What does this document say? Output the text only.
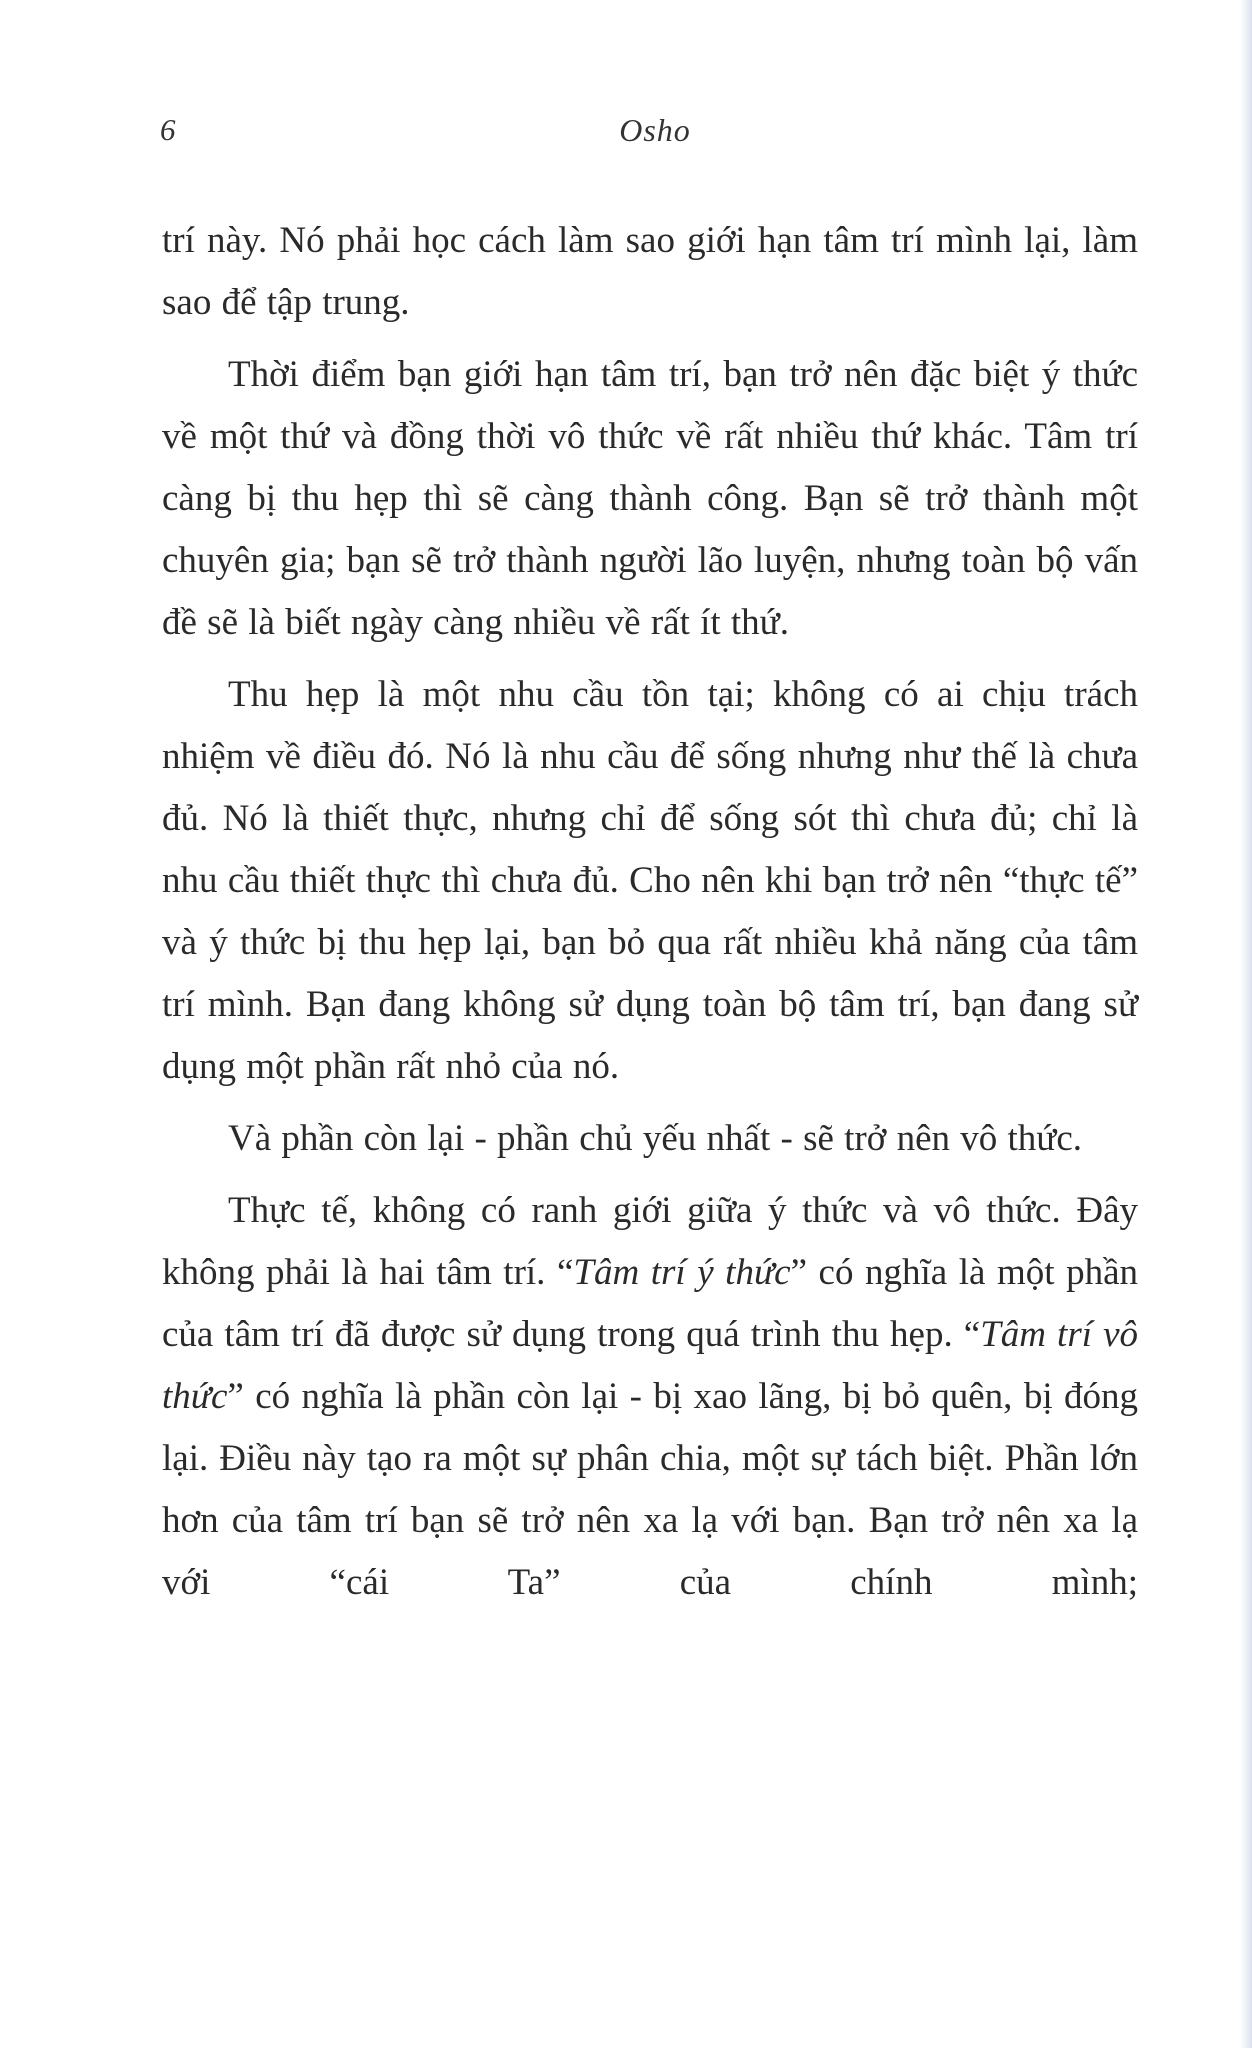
6	Osho

trí này. Nó phải học cách làm sao giới hạn tâm trí mình lại, làm sao để tập trung.

Thời điểm bạn giới hạn tâm trí, bạn trở nên đặc biệt ý thức về một thứ và đồng thời vô thức về rất nhiều thứ khác. Tâm trí càng bị thu hẹp thì sẽ càng thành công. Bạn sẽ trở thành một chuyên gia; bạn sẽ trở thành người lão luyện, nhưng toàn bộ vấn đề sẽ là biết ngày càng nhiều về rất ít thứ.

Thu hẹp là một nhu cầu tồn tại; không có ai chịu trách nhiệm về điều đó. Nó là nhu cầu để sống nhưng như thế là chưa đủ. Nó là thiết thực, nhưng chỉ để sống sót thì chưa đủ; chỉ là nhu cầu thiết thực thì chưa đủ. Cho nên khi bạn trở nên “thực tế” và ý thức bị thu hẹp lại, bạn bỏ qua rất nhiều khả năng của tâm trí mình. Bạn đang không sử dụng toàn bộ tâm trí, bạn đang sử dụng một phần rất nhỏ của nó.

Và phần còn lại - phần chủ yếu nhất - sẽ trở nên vô thức.

Thực tế, không có ranh giới giữa ý thức và vô thức. Đây không phải là hai tâm trí. “Tâm trí ý thức” có nghĩa là một phần của tâm trí đã được sử dụng trong quá trình thu hẹp. “Tâm trí vô thức” có nghĩa là phần còn lại - bị xao lãng, bị bỏ quên, bị đóng lại. Điều này tạo ra một sự phân chia, một sự tách biệt. Phần lớn hơn của tâm trí bạn sẽ trở nên xa lạ với bạn. Bạn trở nên xa lạ với “cái Ta” của chính mình;
